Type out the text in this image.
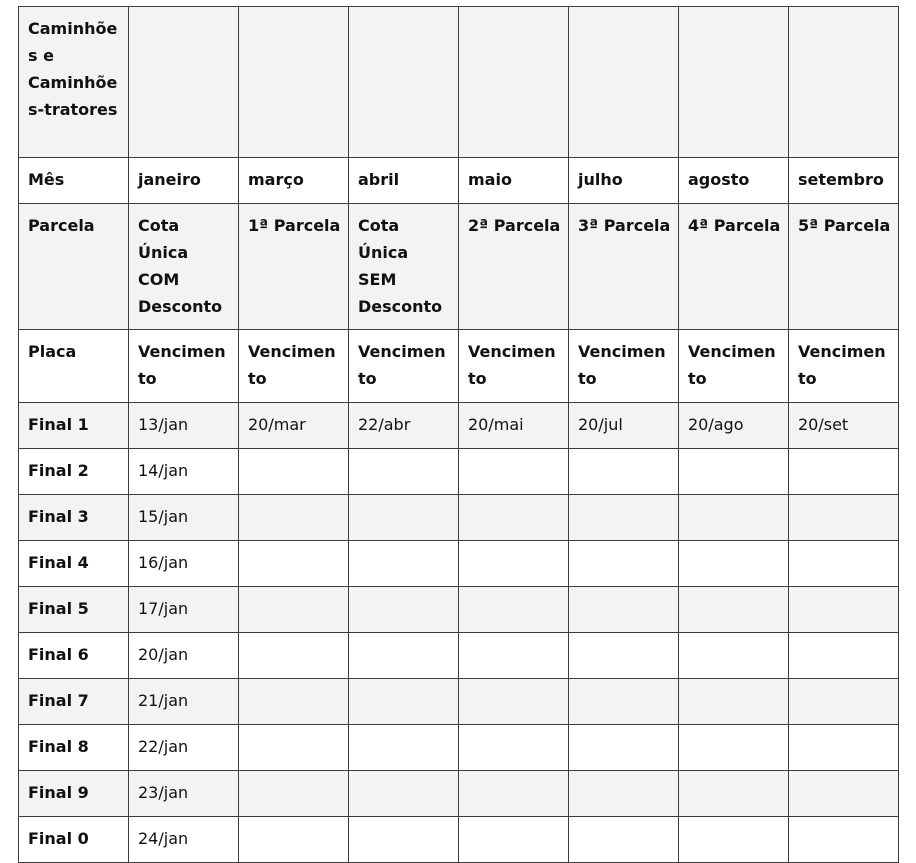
Caminhões e Caminhões-tratores							
Mês	janeiro	março	abril	maio	julho	agosto	setembro
Parcela	Cota Única COM Desconto	1ª Parcela	Cota Única SEM Desconto	2ª Parcela	3ª Parcela	4ª Parcela	5ª Parcela
Placa	Vencimento	Vencimento	Vencimento	Vencimento	Vencimento	Vencimento	Vencimento
Final 1	13/jan	20/mar	22/abr	20/mai	20/jul	20/ago	20/set
Final 2	14/jan						
Final 3	15/jan						
Final 4	16/jan						
Final 5	17/jan						
Final 6	20/jan						
Final 7	21/jan						
Final 8	22/jan						
Final 9	23/jan						
Final 0	24/jan						
